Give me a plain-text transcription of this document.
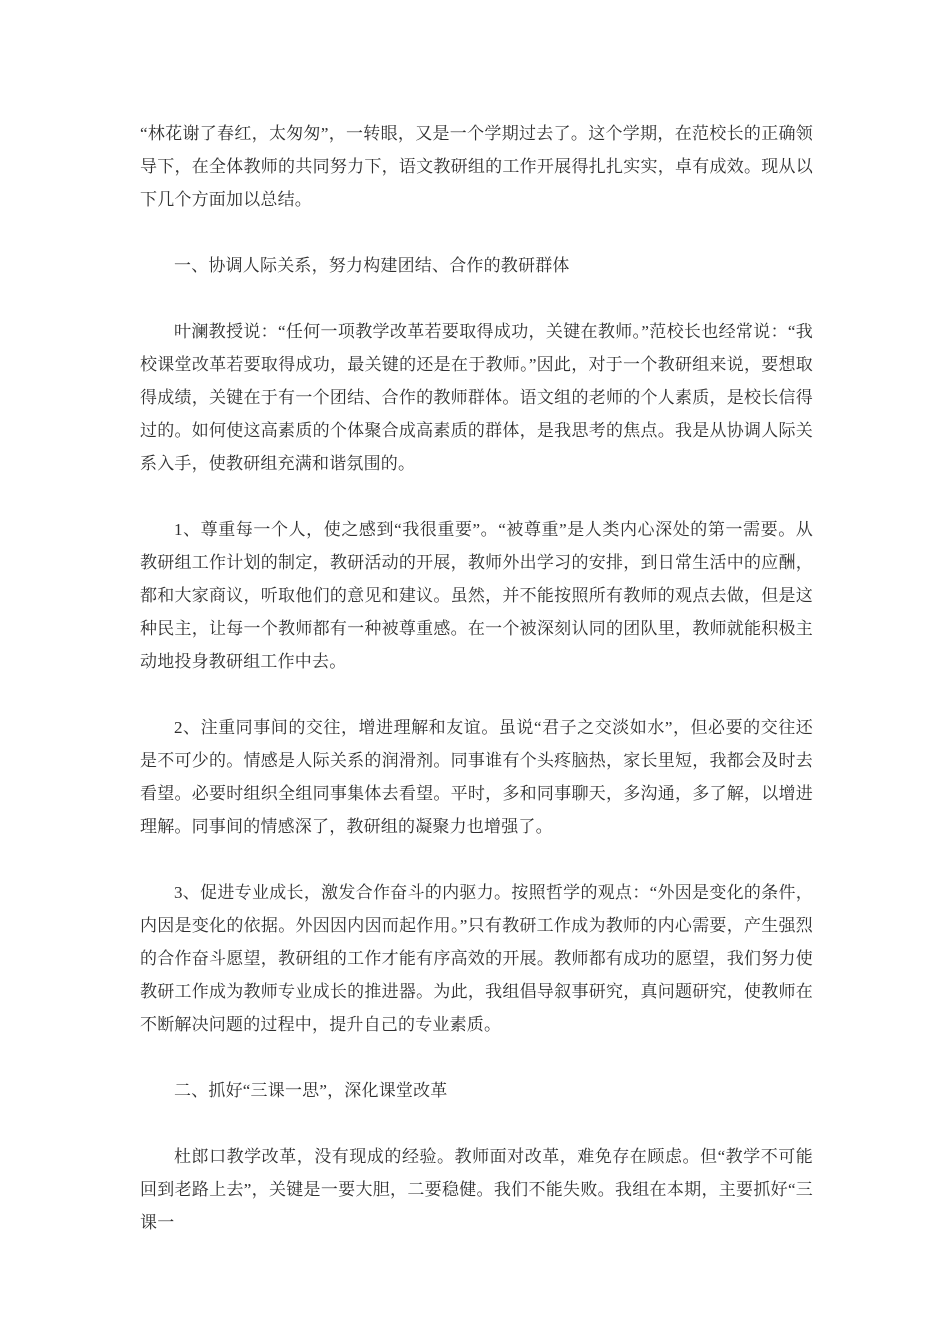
“林花谢了春红，太匆匆”，一转眼，又是一个学期过去了。这个学期，在范校长的正确领导下，在全体教师的共同努力下，语文教研组的工作开展得扎扎实实，卓有成效。现从以下几个方面加以总结。

一、协调人际关系，努力构建团结、合作的教研群体

叶澜教授说：“任何一项教学改革若要取得成功，关键在教师。”范校长也经常说：“我校课堂改革若要取得成功，最关键的还是在于教师。”因此，对于一个教研组来说，要想取得成绩，关键在于有一个团结、合作的教师群体。语文组的老师的个人素质，是校长信得过的。如何使这高素质的个体聚合成高素质的群体，是我思考的焦点。我是从协调人际关系入手，使教研组充满和谐氛围的。

1、尊重每一个人，使之感到“我很重要”。“被尊重”是人类内心深处的第一需要。从教研组工作计划的制定，教研活动的开展，教师外出学习的安排，到日常生活中的应酬，都和大家商议，听取他们的意见和建议。虽然，并不能按照所有教师的观点去做，但是这种民主，让每一个教师都有一种被尊重感。在一个被深刻认同的团队里，教师就能积极主动地投身教研组工作中去。

2、注重同事间的交往，增进理解和友谊。虽说“君子之交淡如水”，但必要的交往还是不可少的。情感是人际关系的润滑剂。同事谁有个头疼脑热，家长里短，我都会及时去看望。必要时组织全组同事集体去看望。平时，多和同事聊天，多沟通，多了解，以增进理解。同事间的情感深了，教研组的凝聚力也增强了。

3、促进专业成长，激发合作奋斗的内驱力。按照哲学的观点：“外因是变化的条件，内因是变化的依据。外因因内因而起作用。”只有教研工作成为教师的内心需要，产生强烈的合作奋斗愿望，教研组的工作才能有序高效的开展。教师都有成功的愿望，我们努力使教研工作成为教师专业成长的推进器。为此，我组倡导叙事研究，真问题研究，使教师在不断解决问题的过程中，提升自己的专业素质。

二、抓好“三课一思”，深化课堂改革

杜郎口教学改革，没有现成的经验。教师面对改革，难免存在顾虑。但“教学不可能回到老路上去”，关键是一要大胆，二要稳健。我们不能失败。我组在本期，主要抓好“三课一
